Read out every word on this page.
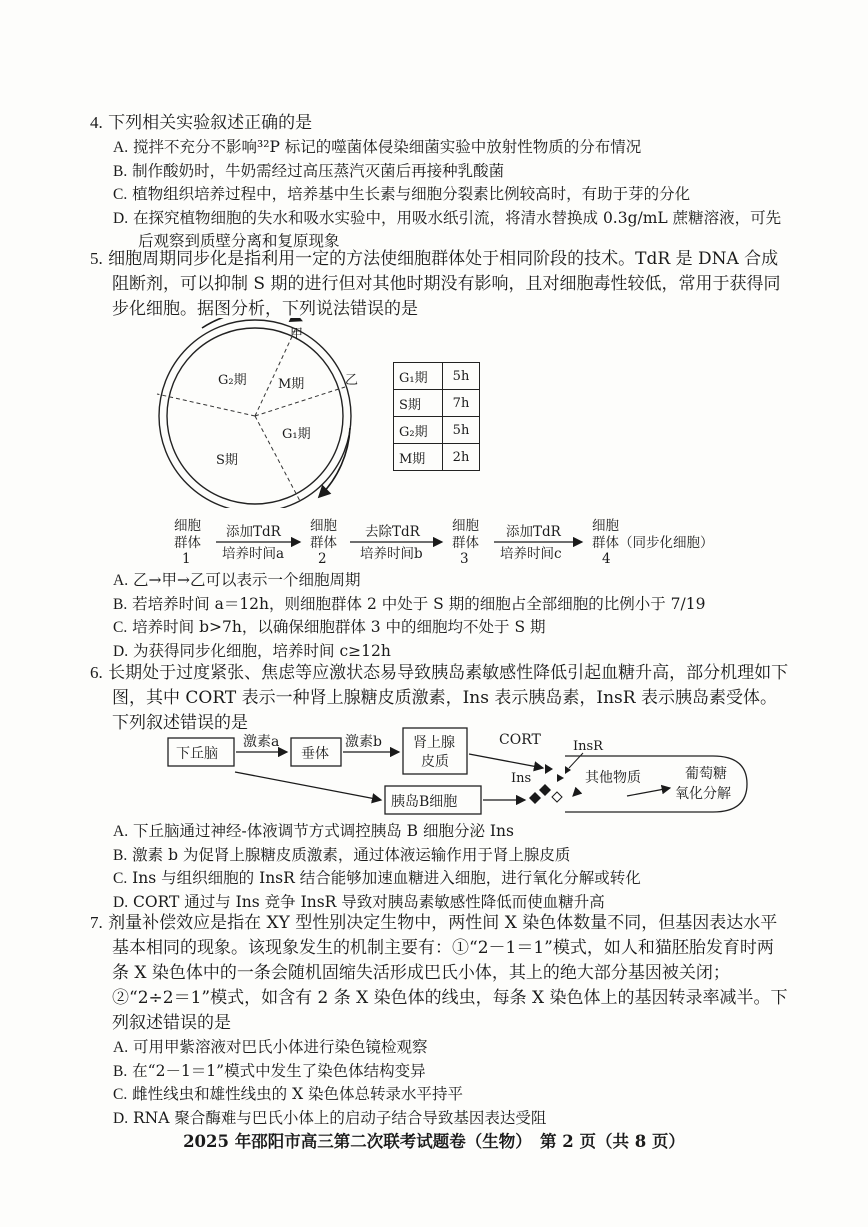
4. 下列相关实验叙述正确的是

A. 搅拌不充分不影响³²P 标记的噬菌体侵染细菌实验中放射性物质的分布情况

B. 制作酸奶时，牛奶需经过高压蒸汽灭菌后再接种乳酸菌

C. 植物组织培养过程中，培养基中生长素与细胞分裂素比例较高时，有助于芽的分化

D. 在探究植物细胞的失水和吸水实验中，用吸水纸引流，将清水替换成 0.3g/mL 蔗糖溶液，可先后观察到质壁分离和复原现象

5. 细胞周期同步化是指利用一定的方法使细胞群体处于相同阶段的技术。TdR 是 DNA 合成阻断剂，可以抑制 S 期的进行但对其他时期没有影响，且对细胞毒性较低，常用于获得同步化细胞。据图分析，下列说法错误的是

甲
乙
G₂期 M期
G₁期
S期
G₁期	5h
S期	7h
G₂期	5h
M期	2h
细胞
群体
1
添加TdR
培养时间a
细胞
群体
2
去除TdR
培养时间b
细胞
群体
3
添加TdR
培养时间c
细胞
群体（同步化细胞）
4

A. 乙→甲→乙可以表示一个细胞周期

B. 若培养时间 a＝12h，则细胞群体 2 中处于 S 期的细胞占全部细胞的比例小于 7/19

C. 培养时间 b>7h，以确保细胞群体 3 中的细胞均不处于 S 期

D. 为获得同步化细胞，培养时间 c≥12h

6. 长期处于过度紧张、焦虑等应激状态易导致胰岛素敏感性降低引起血糖升高，部分机理如下图，其中 CORT 表示一种肾上腺糖皮质激素，Ins 表示胰岛素，InsR 表示胰岛素受体。下列叙述错误的是

下丘脑
激素a
垂体
激素b 肾上腺
皮质
CORT InsR
Ins
胰岛B细胞
其他物质	葡萄糖
氧化分解

A. 下丘脑通过神经-体液调节方式调控胰岛 B 细胞分泌 Ins

B. 激素 b 为促肾上腺糖皮质激素，通过体液运输作用于肾上腺皮质

C. Ins 与组织细胞的 InsR 结合能够加速血糖进入细胞，进行氧化分解或转化

D. CORT 通过与 Ins 竞争 InsR 导致对胰岛素敏感性降低而使血糖升高

7. 剂量补偿效应是指在 XY 型性别决定生物中，两性间 X 染色体数量不同，但基因表达水平基本相同的现象。该现象发生的机制主要有：①“2－1＝1”模式，如人和猫胚胎发育时两条 X 染色体中的一条会随机固缩失活形成巴氏小体，其上的绝大部分基因被关闭；②“2÷2＝1”模式，如含有 2 条 X 染色体的线虫，每条 X 染色体上的基因转录率减半。下列叙述错误的是

A. 可用甲紫溶液对巴氏小体进行染色镜检观察

B. 在“2－1＝1”模式中发生了染色体结构变异

C. 雌性线虫和雄性线虫的 X 染色体总转录水平持平

D. RNA 聚合酶难与巴氏小体上的启动子结合导致基因表达受阻

2025 年邵阳市高三第二次联考试题卷（生物）　第 2 页（共 8 页）
